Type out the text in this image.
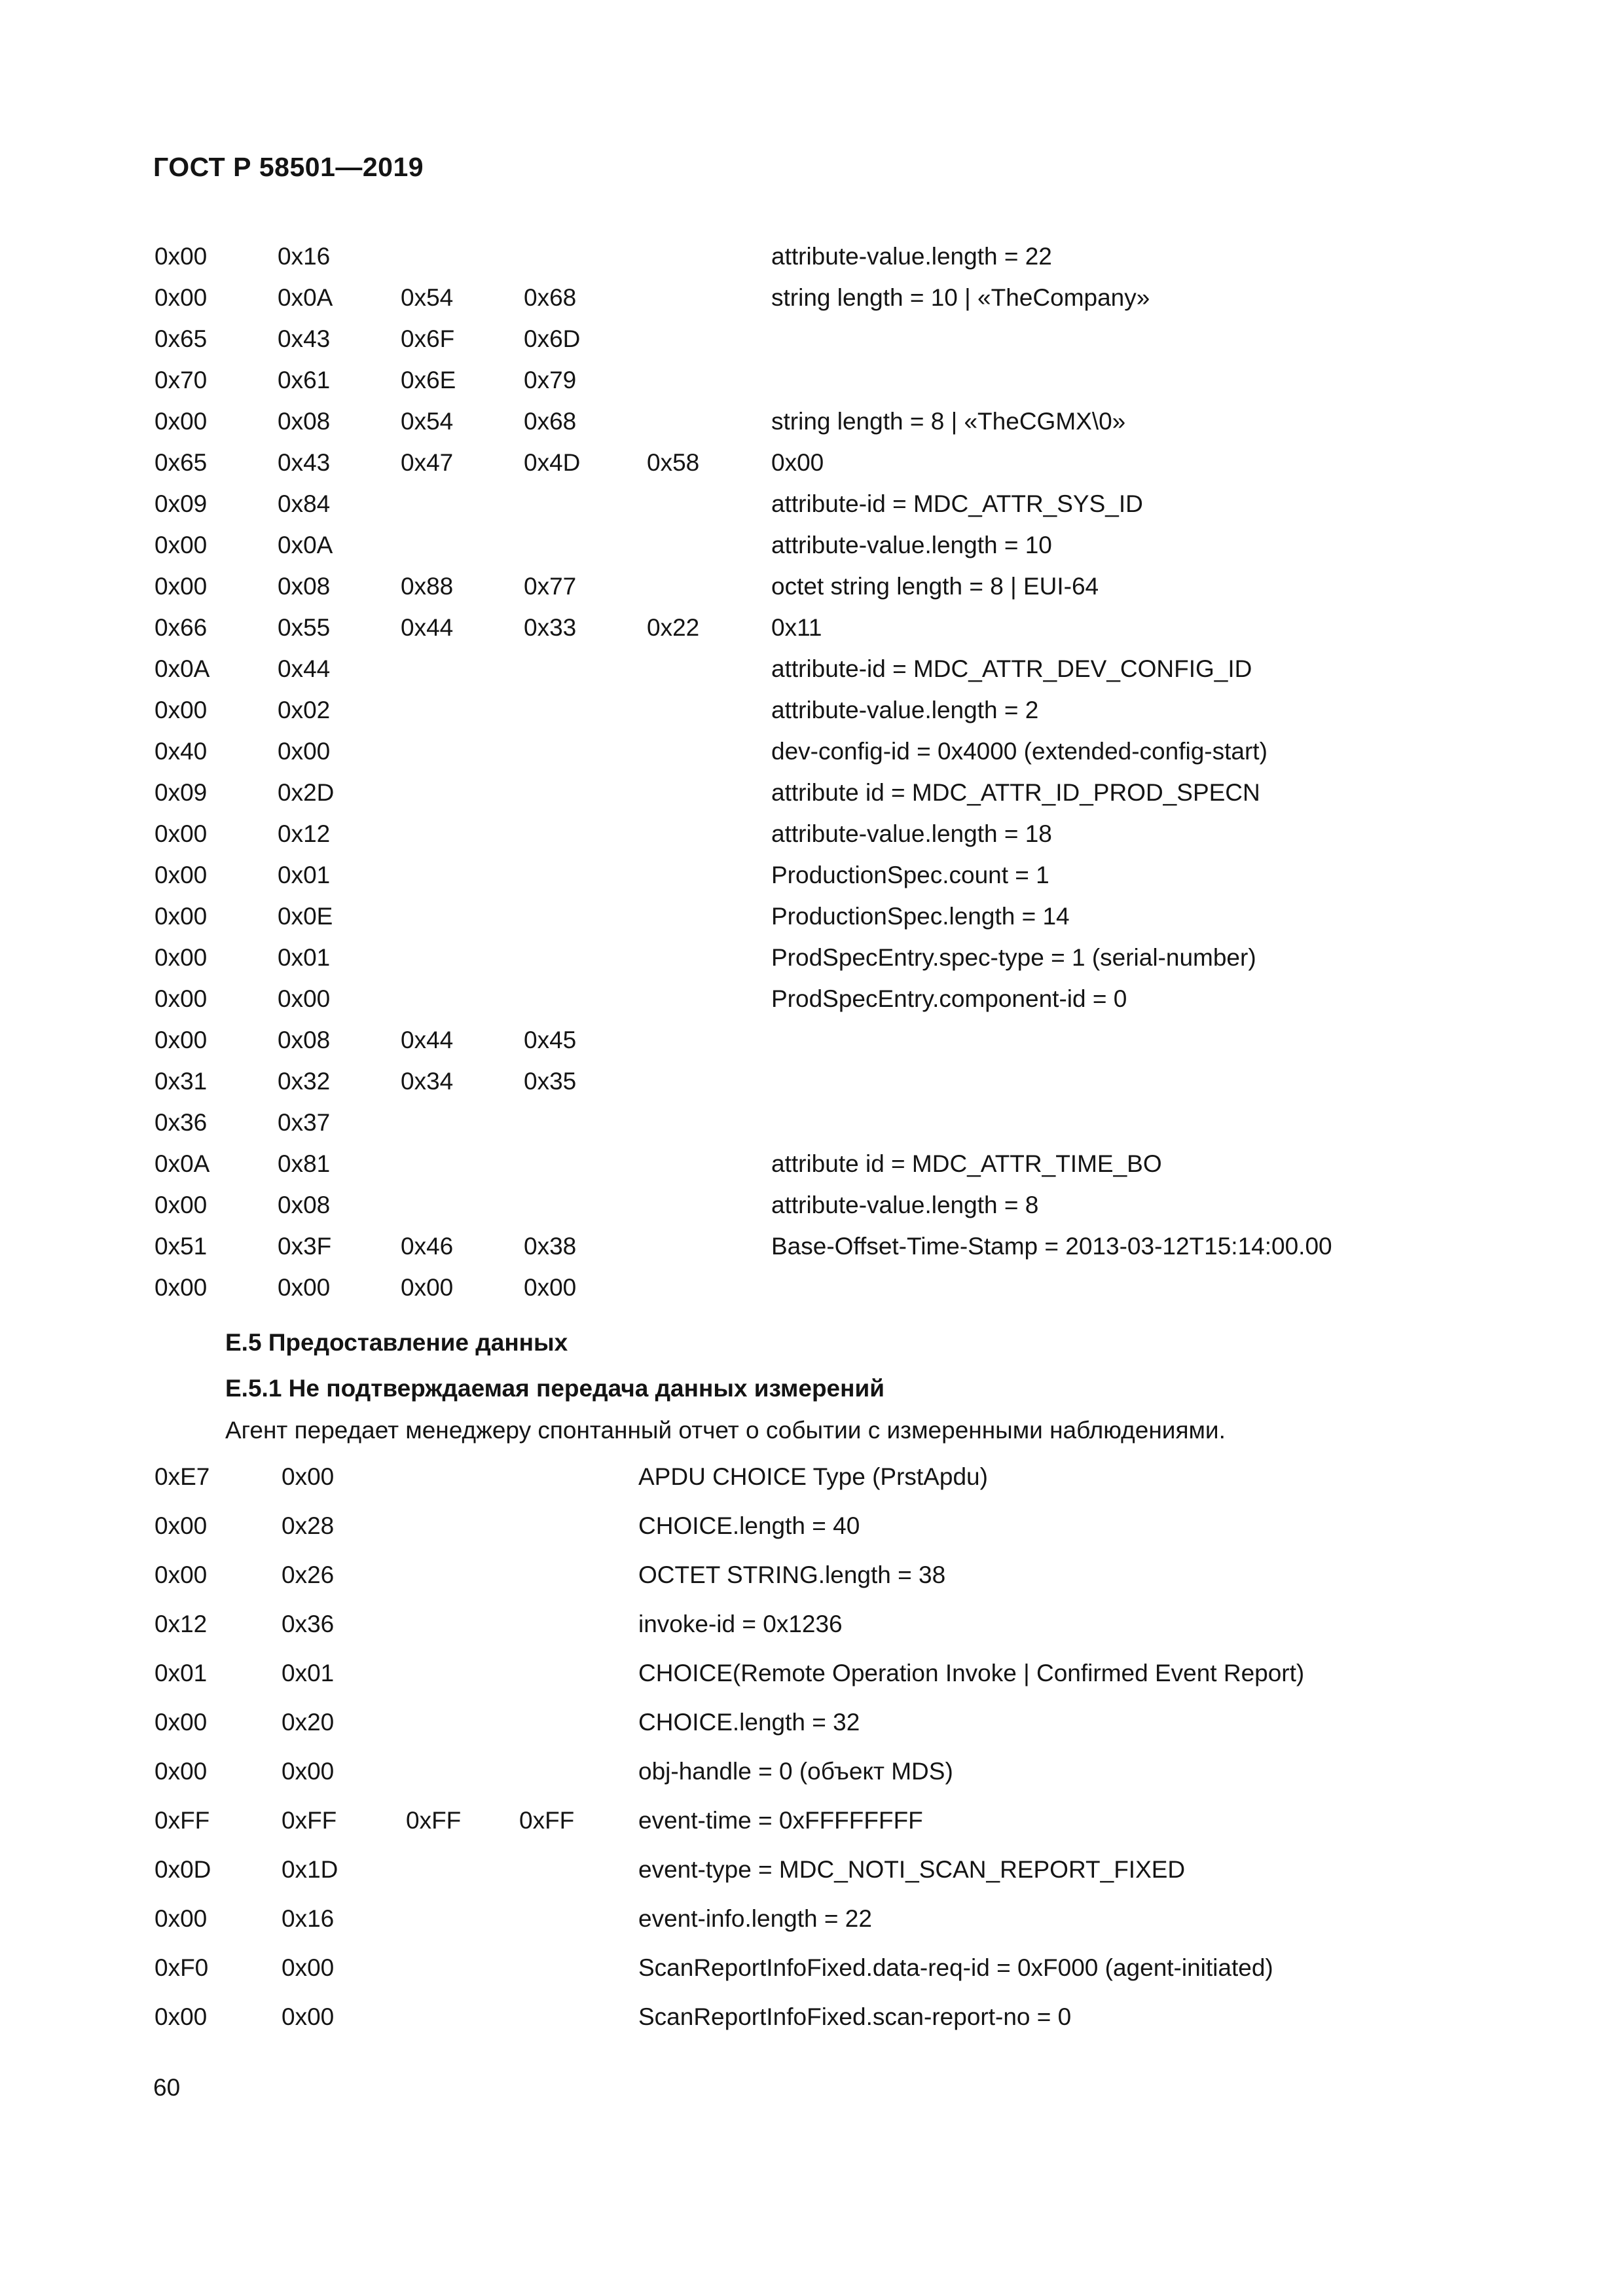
ГОСТ Р 58501—2019
0x00	0x16	attribute-value.length = 22
0x00	0x0A	0x54	0x68	string length = 10 | «TheCompany»
0x65	0x43	0x6F	0x6D
0x70	0x61	0x6E	0x79
0x00	0x08	0x54	0x68	string length = 8 | «TheCGMX\0»
0x65	0x43	0x47	0x4D	0x58	0x00
0x09	0x84	attribute-id = MDC_ATTR_SYS_ID
0x00	0x0A	attribute-value.length = 10
0x00	0x08	0x88	0x77	octet string length = 8 | EUI-64
0x66	0x55	0x44	0x33	0x22	0x11
0x0A	0x44	attribute-id = MDC_ATTR_DEV_CONFIG_ID
0x00	0x02	attribute-value.length = 2
0x40	0x00	dev-config-id = 0x4000 (extended-config-start)
0x09	0x2D	attribute id = MDC_ATTR_ID_PROD_SPECN
0x00	0x12	attribute-value.length = 18
0x00	0x01	ProductionSpec.count = 1
0x00	0x0E	ProductionSpec.length = 14
0x00	0x01	ProdSpecEntry.spec-type = 1 (serial-number)
0x00	0x00	ProdSpecEntry.component-id = 0
0x00	0x08	0x44	0x45
0x31	0x32	0x34	0x35
0x36	0x37
0x0A	0x81	attribute id = MDC_ATTR_TIME_BO
0x00	0x08	attribute-value.length = 8
0x51	0x3F	0x46	0x38	Base-Offset-Time-Stamp = 2013-03-12T15:14:00.00
0x00	0x00	0x00	0x00
Е.5 Предоставление данных
Е.5.1 Не подтверждаемая передача данных измерений
Агент передает менеджеру спонтанный отчет о событии с измеренными наблюдениями.
0xE7	0x00	APDU CHOICE Type (PrstApdu)
0x00	0x28	CHOICE.length = 40
0x00	0x26	OCTET STRING.length = 38
0x12	0x36	invoke-id = 0x1236
0x01	0x01	CHOICE(Remote Operation Invoke | Confirmed Event Report)
0x00	0x20	CHOICE.length = 32
0x00	0x00	obj-handle = 0 (объект MDS)
0xFF	0xFF	0xFF 0xFF	event-time = 0xFFFFFFFF
0x0D	0x1D	event-type = MDC_NOTI_SCAN_REPORT_FIXED
0x00	0x16	event-info.length = 22
0xF0	0x00	ScanReportInfoFixed.data-req-id = 0xF000 (agent-initiated)
0x00	0x00	ScanReportInfoFixed.scan-report-no = 0
60
